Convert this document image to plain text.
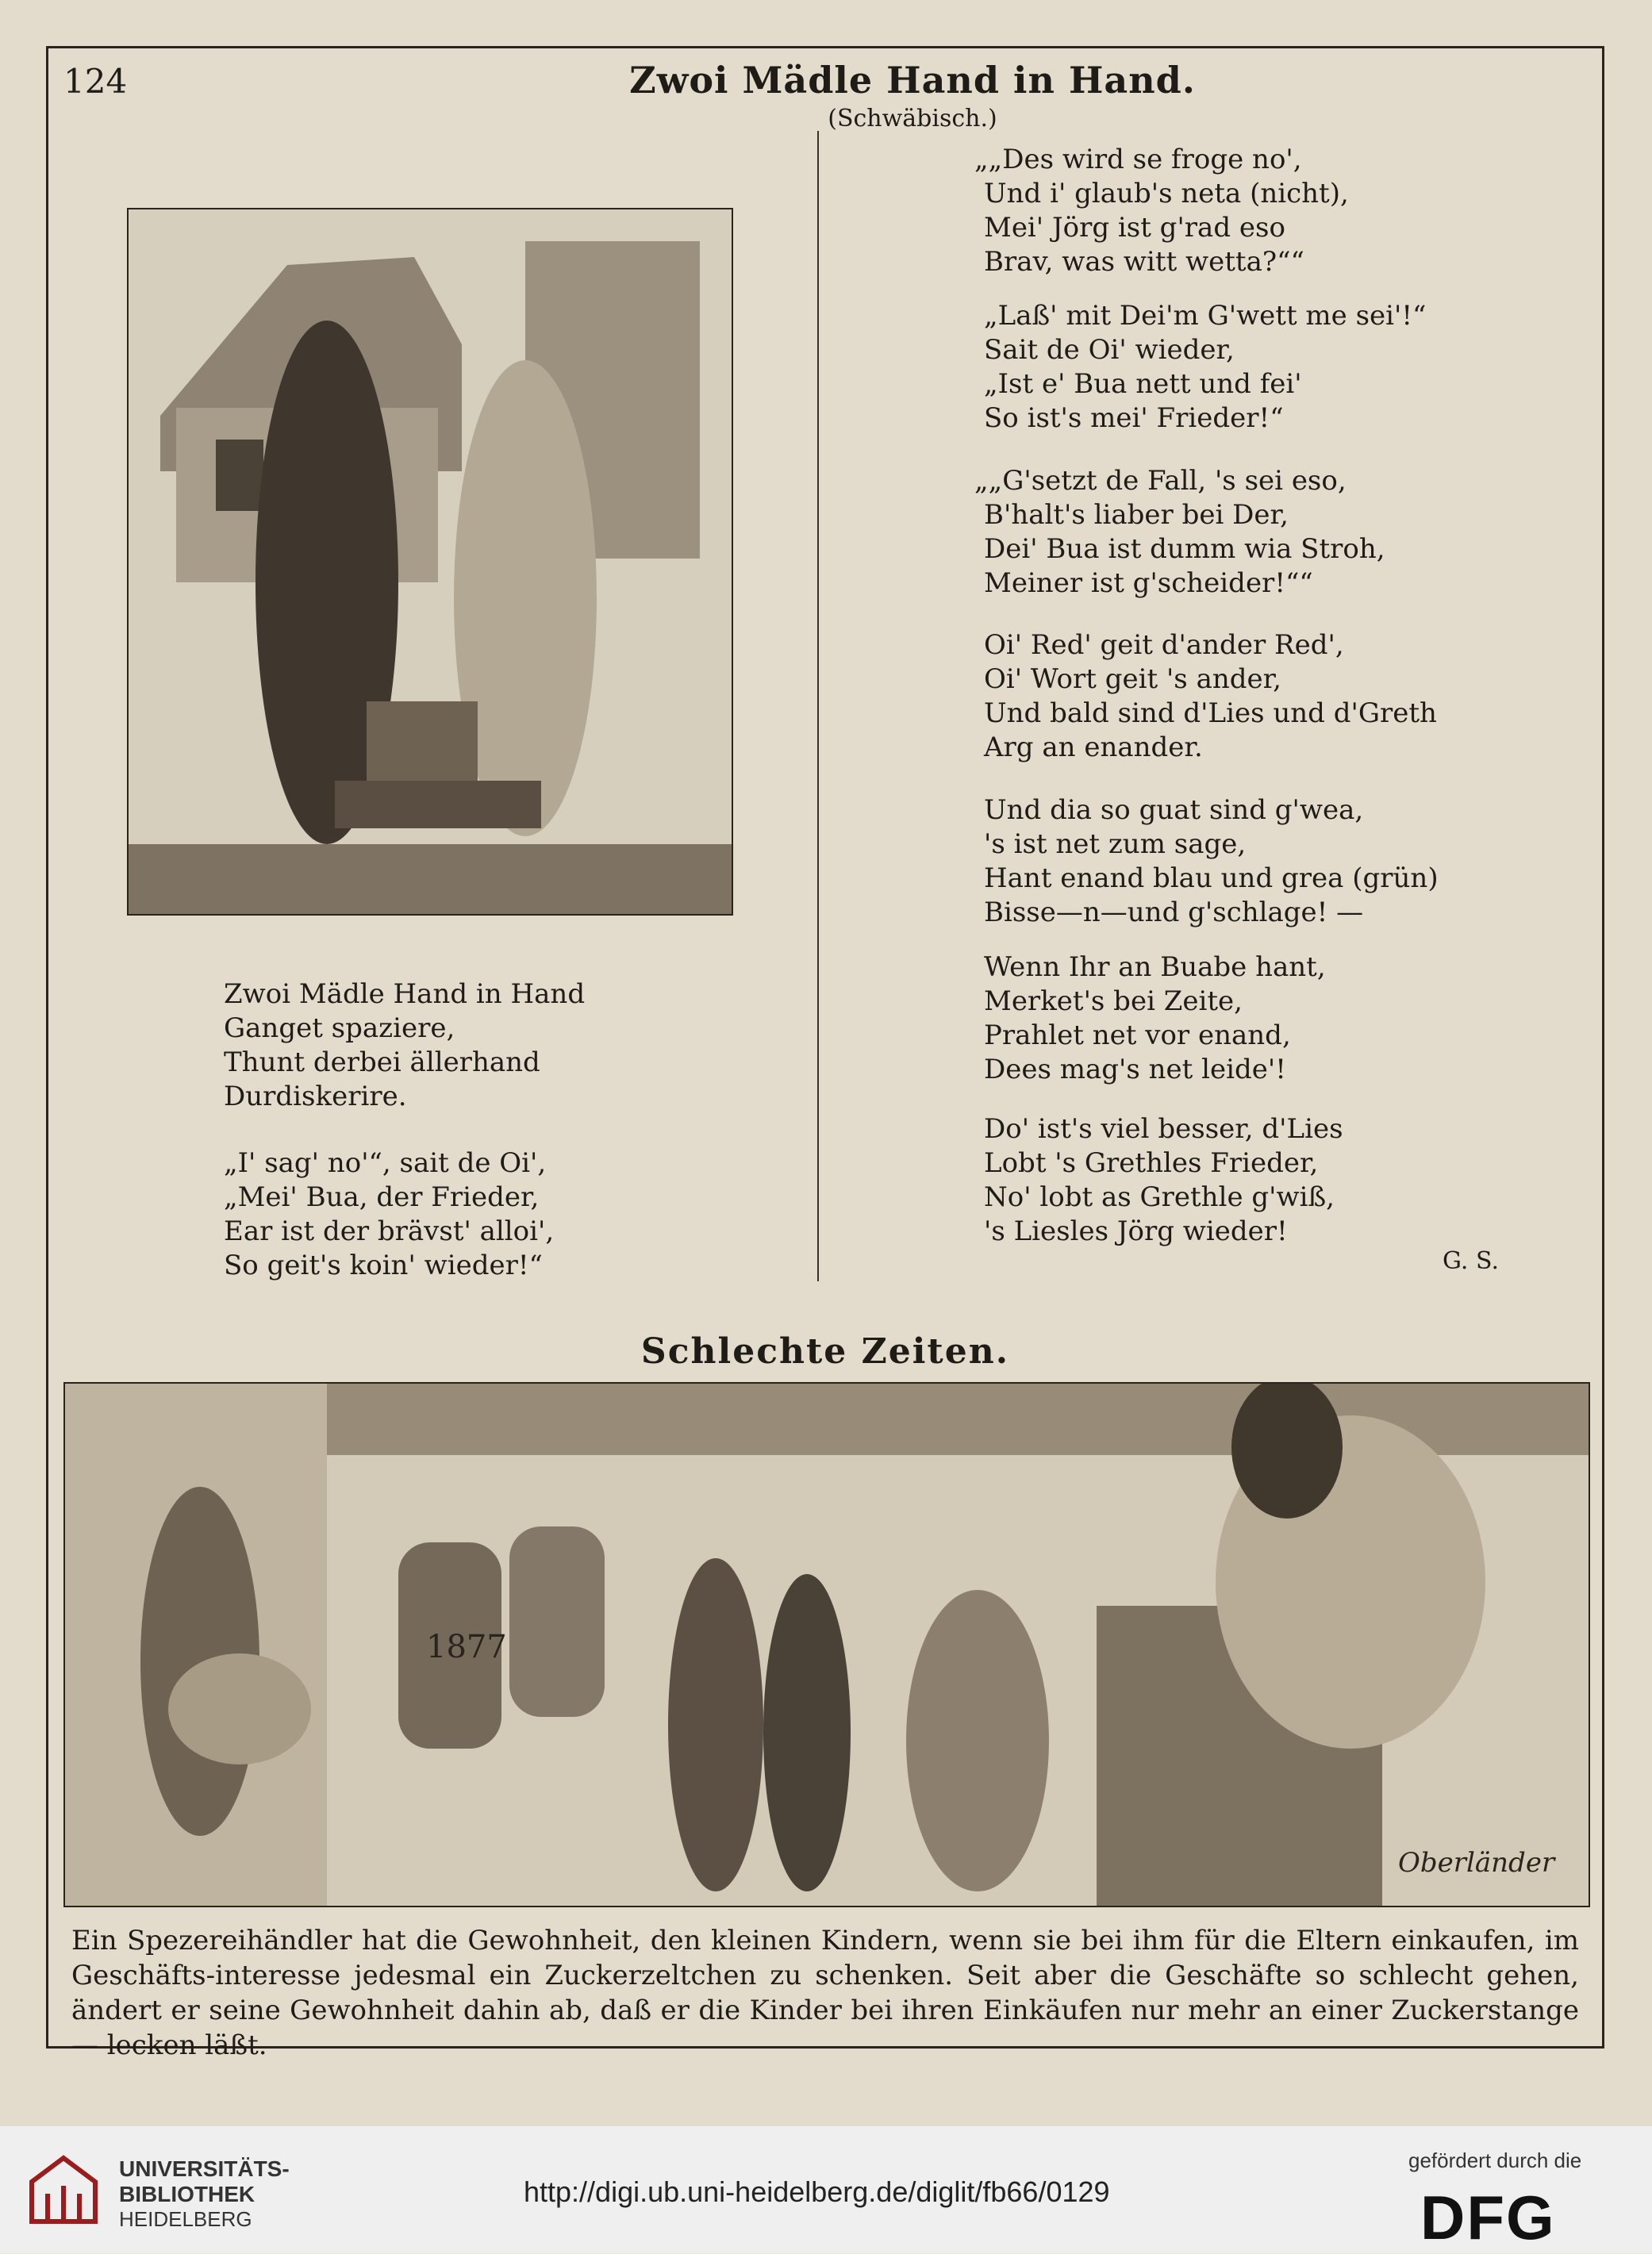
124	Zwoi Mädle Hand in Hand.
(Schwäbisch.)
Zwoi Mädle Hand in Hand
Ganget spaziere,
Thunt derbei ällerhand
Durdiskerire.
„I' sag' no'“, sait de Oi',
„Mei' Bua, der Frieder,
Ear ist der brävst' alloi',
So geit's koin' wieder!“
„„Des wird se froge no',
Und i' glaub's neta (nicht),
Mei' Jörg ist g'rad eso
Brav, was witt wetta?““
„Laß' mit Dei'm G'wett me sei'!“
Sait de Oi' wieder,
„Ist e' Bua nett und fei'
So ist's mei' Frieder!“
„„G'setzt de Fall, 's sei eso,
B'halt's liaber bei Der,
Dei' Bua ist dumm wia Stroh,
Meiner ist g'scheider!““
Oi' Red' geit d'ander Red',
Oi' Wort geit 's ander,
Und bald sind d'Lies und d'Greth
Arg an enander.
Und dia so guat sind g'wea,
's ist net zum sage,
Hant enand blau und grea (grün)
Bisse—n—und g'schlage! —
Wenn Ihr an Buabe hant,
Merket's bei Zeite,
Prahlet net vor enand,
Dees mag's net leide'!
Do' ist's viel besser, d'Lies
Lobt 's Grethles Frieder,
No' lobt as Grethle g'wiß,
's Liesles Jörg wieder!
G. S.
Schlechte Zeiten.
1877
Oberländer
Ein Spezereihändler hat die Gewohnheit, den kleinen Kindern, wenn sie bei ihm für die Eltern einkaufen, im Geschäfts-interesse jedesmal ein Zuckerzeltchen zu schenken. Seit aber die Geschäfte so schlecht gehen, ändert er seine Gewohnheit dahin ab, daß er die Kinder bei ihren Einkäufen nur mehr an einer Zuckerstange — lecken läßt.
UNIVERSITÄTS-
BIBLIOTHEK
HEIDELBERG
http://digi.ub.uni-heidelberg.de/diglit/fb66/0129
gefördert durch die
DFG
